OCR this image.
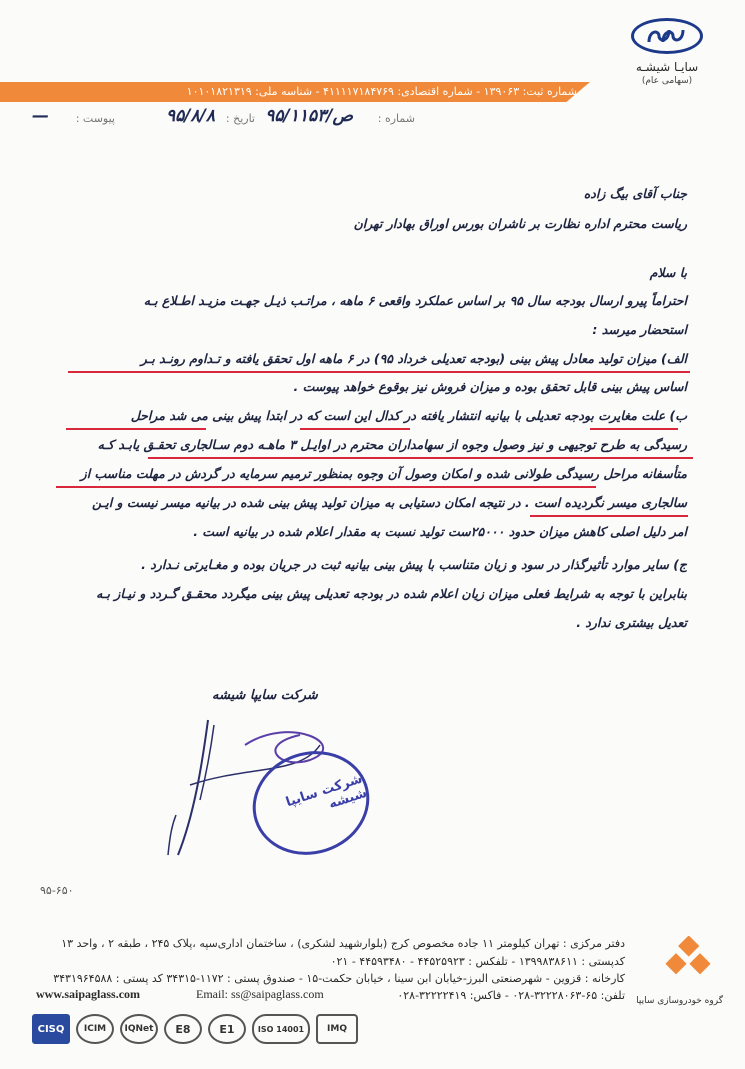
سایـا شیشـه
(سهامی عام)
شماره ثبت: ۱۳۹۰۶۳ - شماره اقتصادی: ۴۱۱۱۱۷۱۸۴۷۶۹ - شناسه ملی: ۱۰۱۰۱۸۲۱۳۱۹
شماره :
ص/۹۵/۱۱۵۳
تاریخ :
۹۵/۸/۸
پیوست :
—
جناب آقای بیگ زاده
ریاست محترم اداره نظارت بر ناشران بورس اوراق بهادار تهران
با سلام
احتراماً پیرو ارسال بودجه سال ۹۵ بر اساس عملکرد واقعی ۶ ماهه ، مراتـب ذیـل جهـت مزیـد اطـلاع بـه
استحضار میرسد :
الف) میزان تولید معادل پیش بینی (بودجه تعدیلی خرداد ۹۵) در ۶ ماهه اول تحقق یافته و تـداوم رونـد بـر
اساس پیش بینی قابل تحقق بوده و میزان فروش نیز بوقوع خواهد پیوست .
ب) علت مغایرت بودجه تعدیلی با بیانیه انتشار یافته در کدال این است که در ابتدا پیش بینی می شد مراحل
رسیدگی به طرح توجیهی و نیز وصول وجوه از سهامداران محترم در اوایـل ۳ ماهـه دوم سـالجاری تحقـق یابـد کـه
متأسفانه مراحل رسیدگی طولانی شده و امکان وصول آن وجوه بمنظور ترمیم سرمایه در گردش در مهلت مناسب از
سالجاری میسر نگردیده است . در نتیجه امکان دستیابی به میزان تولید پیش بینی شده در بیانیه میسر نیست و ایـن
امر دلیل اصلی کاهش میزان حدود ۲۵۰۰۰ست تولید نسبت به مقدار اعلام شده در بیانیه است .
ج) سایر موارد تأثیرگذار در سود و زیان متناسب با پیش بینی بیانیه ثبت در جریان بوده و مغـایرتی نـدارد .
بنابراین با توجه به شرایط فعلی میزان زیان اعلام شده در بودجه تعدیلی پیش بینی میگردد محقـق گـردد و نیـاز بـه
تعدیل بیشتری ندارد .
شرکت سایپا شیشه
شرکت سایپا شیشه
۹۵-۶۵۰
گروه خودروسازی سایپا
دفتر مرکزی : تهران کیلومتر ۱۱ جاده مخصوص کرج (بلوارشهید لشکری) ، ساختمان اداری‌سپه ،پلاک ۲۴۵ ، طبقه ۲ ، واحد ۱۳
کدپستی : ۱۳۹۹۸۳۸۶۱۱ - تلفکس : ۴۴۵۲۵۹۲۳ - ۴۴۵۹۳۴۸۰ - ۰۲۱
کارخانه : قزوین - شهرصنعتی البرز-خیابان ابن سینا ، خیابان حکمت-۱۵ - صندوق پستی : ۱۱۷۲-۳۴۳۱۵ کد پستی : ۳۴۳۱۹۶۴۵۸۸
تلفن: ۶۵-۳۲۲۲۸۰۶۳-۰۲۸ - فاکس: ۳۲۲۲۲۴۱۹-۰۲۸
www.saipaglass.com	Email: ss@saipaglass.com
CISQ	ICIM	IQNet	E8	E1	ISO 14001	IMQ
